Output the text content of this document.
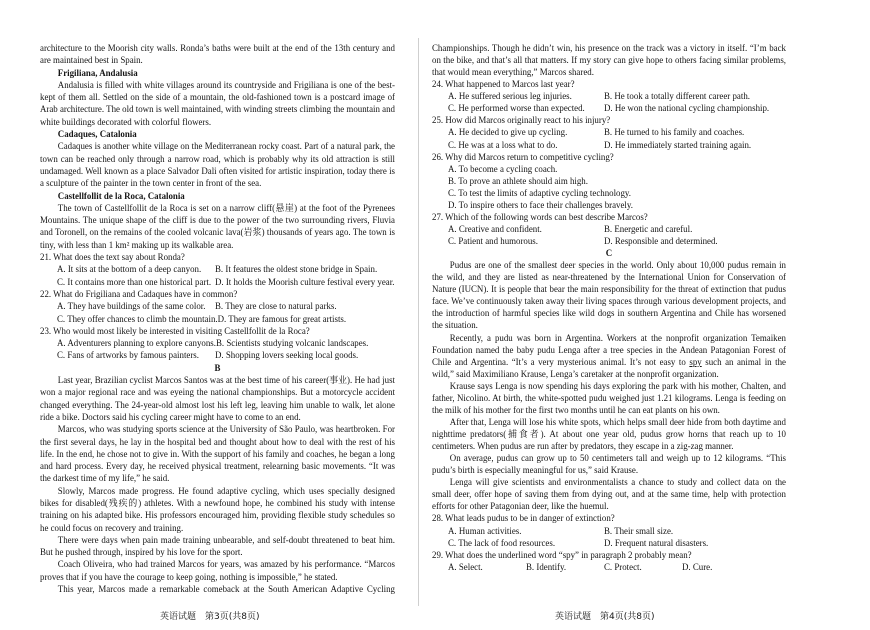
architecture to the Moorish city walls. Ronda’s baths were built at the end of the 13th century and are maintained best in Spain.

Frigiliana, Andalusia

Andalusia is filled with white villages around its countryside and Frigiliana is one of the best-kept of them all. Settled on the side of a mountain, the old-fashioned town is a postcard image of Arab architecture. The old town is well maintained, with winding streets climbing the mountain and white buildings decorated with colorful flowers.

Cadaques, Catalonia

Cadaques is another white village on the Mediterranean rocky coast. Part of a natural park, the town can be reached only through a narrow road, which is probably why its old attraction is still undamaged. Well known as a place Salvador Dali often visited for artistic inspiration, today there is a sculpture of the painter in the town center in front of the sea.

Castellfollit de la Roca, Catalonia

The town of Castellfollit de la Roca is set on a narrow cliff(悬崖) at the foot of the Pyrenees Mountains. The unique shape of the cliff is due to the power of the two surrounding rivers, Fluvia and Toronell, on the remains of the cooled volcanic lava(岩浆) thousands of years ago. The town is tiny, with less than 1 km² making up its walkable area.

21. What does the text say about Ronda?
A. It sits at the bottom of a deep canyon.	B. It features the oldest stone bridge in Spain.
C. It contains more than one historical part. D. It holds the Moorish culture festival every year.
22. What do Frigiliana and Cadaques have in common?
A. They have buildings of the same color.	B. They are close to natural parks.
C. They offer chances to climb the mountain. D. They are famous for great artists.
23. Who would most likely be interested in visiting Castellfollit de la Roca?
A. Adventurers planning to explore canyons. B. Scientists studying volcanic landscapes.
C. Fans of artworks by famous painters.	D. Shopping lovers seeking local goods.
B

Last year, Brazilian cyclist Marcos Santos was at the best time of his career(事业). He had just won a major regional race and was eyeing the national championships. But a motorcycle accident changed everything. The 24-year-old almost lost his left leg, leaving him unable to walk, let alone ride a bike. Doctors said his cycling career might have to come to an end.

Marcos, who was studying sports science at the University of São Paulo, was heartbroken. For the first several days, he lay in the hospital bed and thought about how to deal with the rest of his life. In the end, he chose not to give in. With the support of his family and coaches, he began a long and hard process. Every day, he received physical treatment, relearning basic movements. “It was the darkest time of my life,” he said.

Slowly, Marcos made progress. He found adaptive cycling, which uses specially designed bikes for disabled(残疾的) athletes. With a newfound hope, he combined his study with intense training on his adapted bike. His professors encouraged him, providing flexible study schedules so he could focus on recovery and training.

There were days when pain made training unbearable, and self-doubt threatened to beat him. But he pushed through, inspired by his love for the sport.

Coach Oliveira, who had trained Marcos for years, was amazed by his performance. “Marcos proves that if you have the courage to keep going, nothing is impossible,” he stated.

This year, Marcos made a remarkable comeback at the South American Adaptive Cycling

Championships. Though he didn’t win, his presence on the track was a victory in itself. “I’m back on the bike, and that’s all that matters. If my story can give hope to others facing similar problems, that would mean everything,” Marcos shared.

24. What happened to Marcos last year?
A. He suffered serious leg injuries.	B. He took a totally different career path.
C. He performed worse than expected.	D. He won the national cycling championship.
25. How did Marcos originally react to his injury?
A. He decided to give up cycling.	B. He turned to his family and coaches.
C. He was at a loss what to do.	D. He immediately started training again.
26. Why did Marcos return to competitive cycling?
A. To become a cycling coach.
B. To prove an athlete should aim high.
C. To test the limits of adaptive cycling technology.
D. To inspire others to face their challenges bravely.
27. Which of the following words can best describe Marcos?
A. Creative and confident.	B. Energetic and careful.
C. Patient and humorous.	D. Responsible and determined.
C

Pudus are one of the smallest deer species in the world. Only about 10,000 pudus remain in the wild, and they are listed as near-threatened by the International Union for Conservation of Nature (IUCN). It is people that bear the main responsibility for the threat of extinction that pudus face. We’ve continuously taken away their living spaces through various development projects, and the introduction of harmful species like wild dogs in southern Argentina and Chile has worsened the situation.

Recently, a pudu was born in Argentina. Workers at the nonprofit organization Temaiken Foundation named the baby pudu Lenga after a tree species in the Andean Patagonian Forest of Chile and Argentina. “It’s a very mysterious animal. It’s not easy to spy such an animal in the wild,” said Maximiliano Krause, Lenga’s caretaker at the nonprofit organization.

Krause says Lenga is now spending his days exploring the park with his mother, Chalten, and father, Nicolino. At birth, the white-spotted pudu weighed just 1.21 kilograms. Lenga is feeding on the milk of his mother for the first two months until he can eat plants on his own.

After that, Lenga will lose his white spots, which helps small deer hide from both daytime and nighttime predators(捕食者). At about one year old, pudus grow horns that reach up to 10 centimeters. When pudus are run after by predators, they escape in a zig-zag manner.

On average, pudus can grow up to 50 centimeters tall and weigh up to 12 kilograms. “This pudu’s birth is especially meaningful for us,” said Krause.

Lenga will give scientists and environmentalists a chance to study and collect data on the small deer, offer hope of saving them from dying out, and at the same time, help with protection efforts for other Patagonian deer, like the huemul.

28. What leads pudus to be in danger of extinction?
A. Human activities.	B. Their small size.
C. The lack of food resources.	D. Frequent natural disasters.
29. What does the underlined word “spy” in paragraph 2 probably mean?
A. Select.	B. Identify.	C. Protect.	D. Cure.
英语试题　第3页(共8页)	英语试题　第4页(共8页)
